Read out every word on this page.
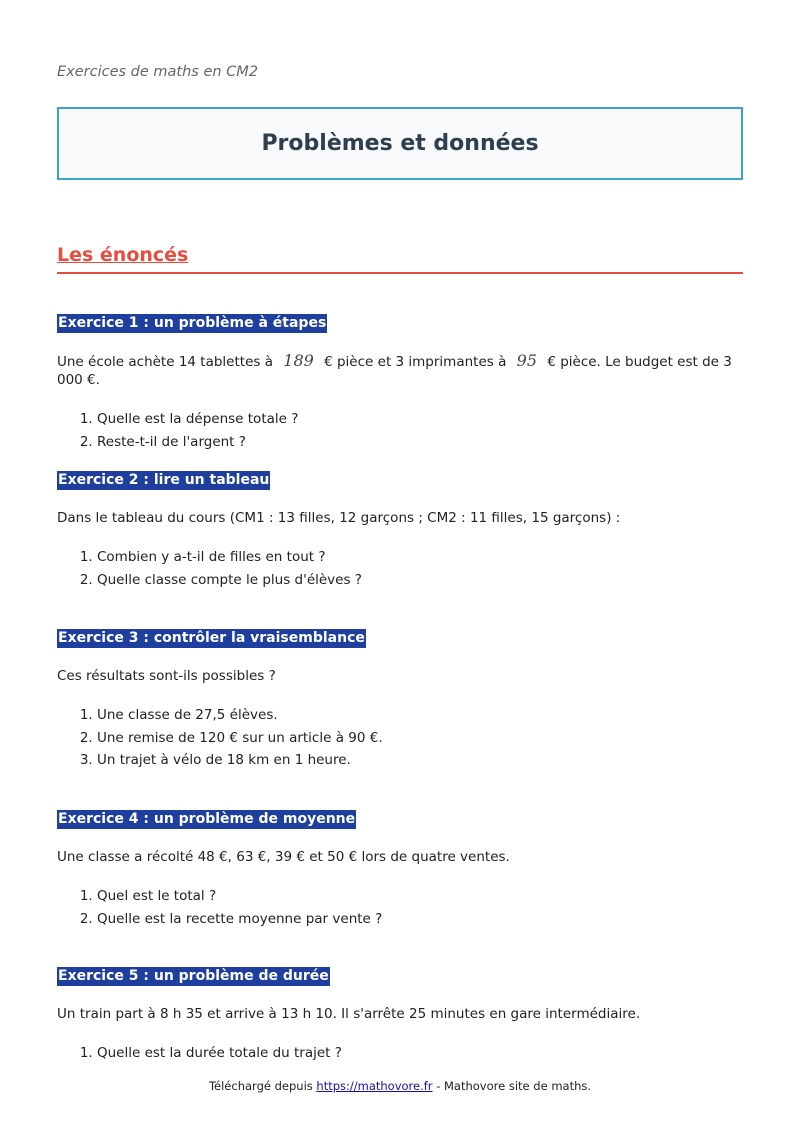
Exercices de maths en CM2
Problèmes et données
Les énoncés
Exercice 1 : un problème à étapes
Une école achète 14 tablettes à 189 € pièce et 3 imprimantes à 95 € pièce. Le budget est de 3 000 €.
1. Quelle est la dépense totale ?
2. Reste-t-il de l'argent ?
Exercice 2 : lire un tableau
Dans le tableau du cours (CM1 : 13 filles, 12 garçons ; CM2 : 11 filles, 15 garçons) :
1. Combien y a-t-il de filles en tout ?
2. Quelle classe compte le plus d'élèves ?
Exercice 3 : contrôler la vraisemblance
Ces résultats sont-ils possibles ?
1. Une classe de 27,5 élèves.
2. Une remise de 120 € sur un article à 90 €.
3. Un trajet à vélo de 18 km en 1 heure.
Exercice 4 : un problème de moyenne
Une classe a récolté 48 €, 63 €, 39 € et 50 € lors de quatre ventes.
1. Quel est le total ?
2. Quelle est la recette moyenne par vente ?
Exercice 5 : un problème de durée
Un train part à 8 h 35 et arrive à 13 h 10. Il s'arrête 25 minutes en gare intermédiaire.
1. Quelle est la durée totale du trajet ?
Téléchargé depuis https://mathovore.fr - Mathovore site de maths.
